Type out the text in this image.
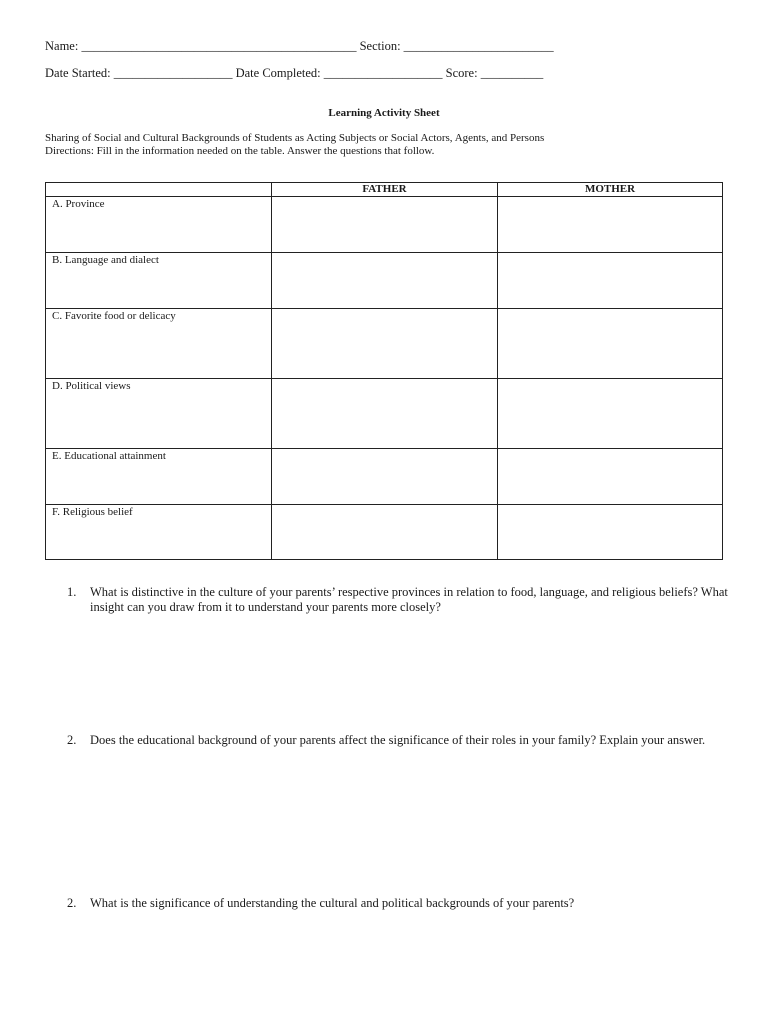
Name: ____________________________________________ Section: ________________________
Date Started: ___________________ Date Completed: ___________________ Score: __________
Learning Activity Sheet
Sharing of Social and Cultural Backgrounds of Students as Acting Subjects or Social Actors, Agents, and Persons
Directions: Fill in the information needed on the table. Answer the questions that follow.
	FATHER	MOTHER
A. Province		
B. Language and dialect		
C. Favorite food or delicacy		
D. Political views		
E. Educational attainment		
F. Religious belief		
1. What is distinctive in the culture of your parents’ respective provinces in relation to food, language, and religious beliefs? What insight can you draw from it to understand your parents more closely?
2. Does the educational background of your parents affect the significance of their roles in your family? Explain your answer.
2. What is the significance of understanding the cultural and political backgrounds of your parents?
